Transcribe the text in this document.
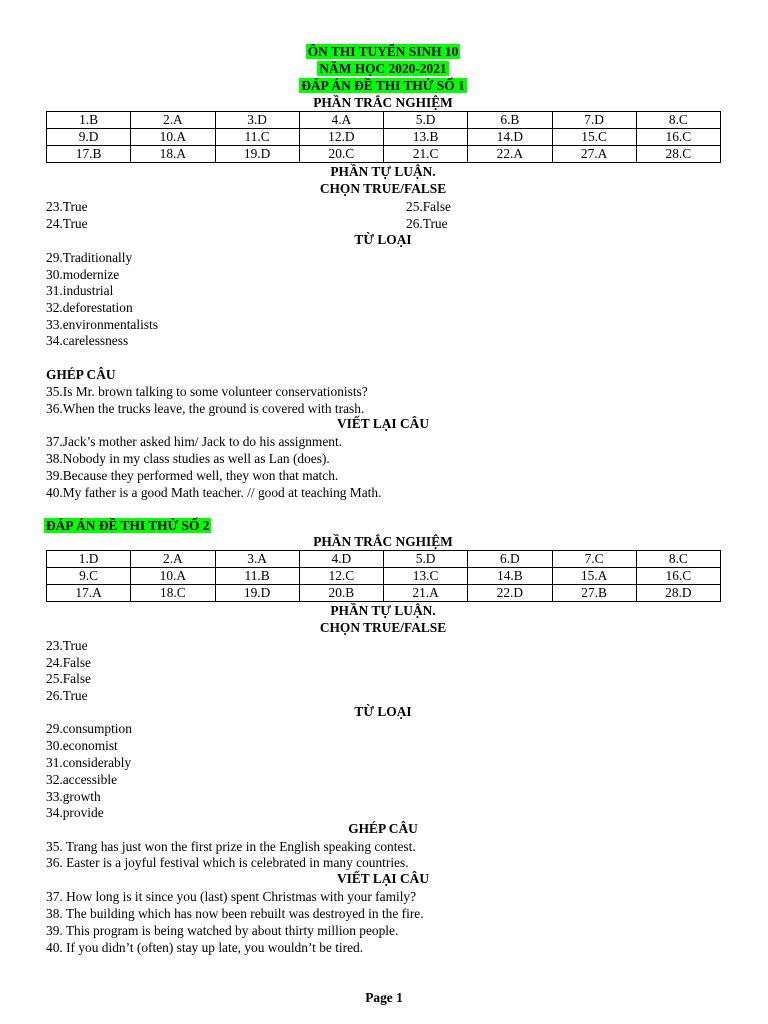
ÔN THI TUYỂN SINH 10
NĂM HỌC 2020-2021
ĐÁP ÁN ĐỀ THI THỬ SỐ 1
PHẦN TRẮC NGHIỆM
1.B	2.A	3.D	4.A	5.D	6.B	7.D	8.C
9.D	10.A	11.C	12.D	13.B	14.D	15.C	16.C
17.B	18.A	19.D	20.C	21.C	22.A	27.A	28.C
PHẦN TỰ LUẬN.
CHỌN TRUE/FALSE
23.True	25.False
24.True	26.True
TỪ LOẠI
29.Traditionally
30.modernize
31.industrial
32.deforestation
33.environmentalists
34.carelessness
GHÉP CÂU
35.Is Mr. brown talking to some volunteer conservationists?
36.When the trucks leave, the ground is covered with trash.
VIẾT LẠI CÂU
37.Jack’s mother asked him/ Jack to do his assignment.
38.Nobody in my class studies as well as Lan (does).
39.Because they performed well, they won that match.
40.My father is a good Math teacher. // good at teaching Math.
ĐÁP ÁN ĐỀ THI THỬ SỐ 2
PHẦN TRẮC NGHIỆM
1.D	2.A	3.A	4.D	5.D	6.D	7.C	8.C
9.C	10.A	11.B	12.C	13.C	14.B	15.A	16.C
17.A	18.C	19.D	20.B	21.A	22.D	27.B	28.D
PHẦN TỰ LUẬN.
CHỌN TRUE/FALSE
23.True
24.False
25.False
26.True
TỪ LOẠI
29.consumption
30.economist
31.considerably
32.accessible
33.growth
34.provide
GHÉP CÂU
35. Trang has just won the first prize in the English speaking contest.
36. Easter is a joyful festival which is celebrated in many countries.
VIẾT LẠI CÂU
37. How long is it since you (last) spent Christmas with your family?
38. The building which has now been rebuilt was destroyed in the fire.
39. This program is being watched by about thirty million people.
40. If you didn’t (often) stay up late, you wouldn’t be tired.
Page 1
